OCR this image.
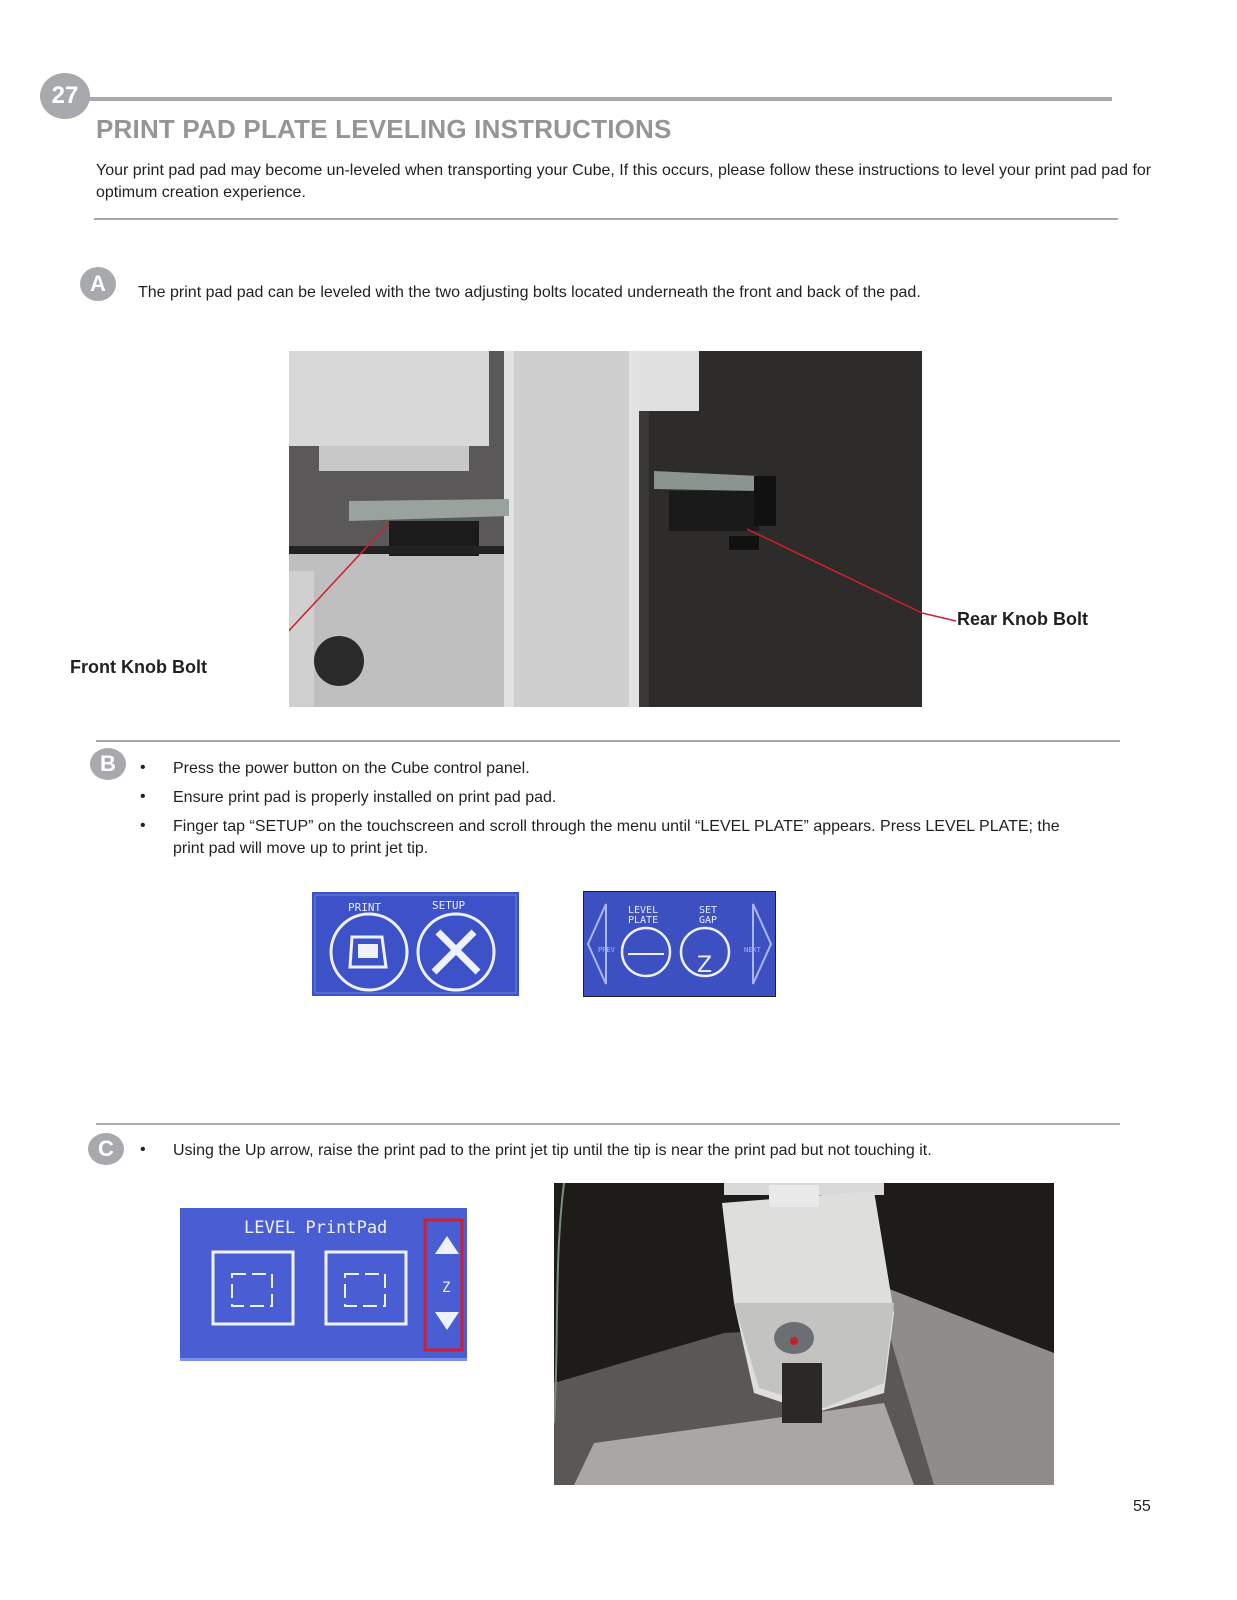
27
PRINT PAD PLATE LEVELING INSTRUCTIONS
Your print pad pad may become un-leveled when transporting your Cube, If this occurs, please follow these instructions to level your print pad pad for optimum creation experience.
A The print pad pad can be leveled with the two adjusting bolts located underneath the front and back of the pad.
Front Knob Bolt
Rear Knob Bolt
B • Press the power button on the Cube control panel.
• Ensure print pad is properly installed on print pad pad.
• Finger tap “SETUP” on the touchscreen and scroll through the menu until “LEVEL PLATE” appears. Press LEVEL PLATE; the print pad will move up to print jet tip.
PRINT	SETUP
PREV	NEXT
LEVEL
PLATE
SET
GAP
Z
C • Using the Up arrow, raise the print pad to the print jet tip until the tip is near the print pad but not touching it.
LEVEL PrintPad
Z
55
